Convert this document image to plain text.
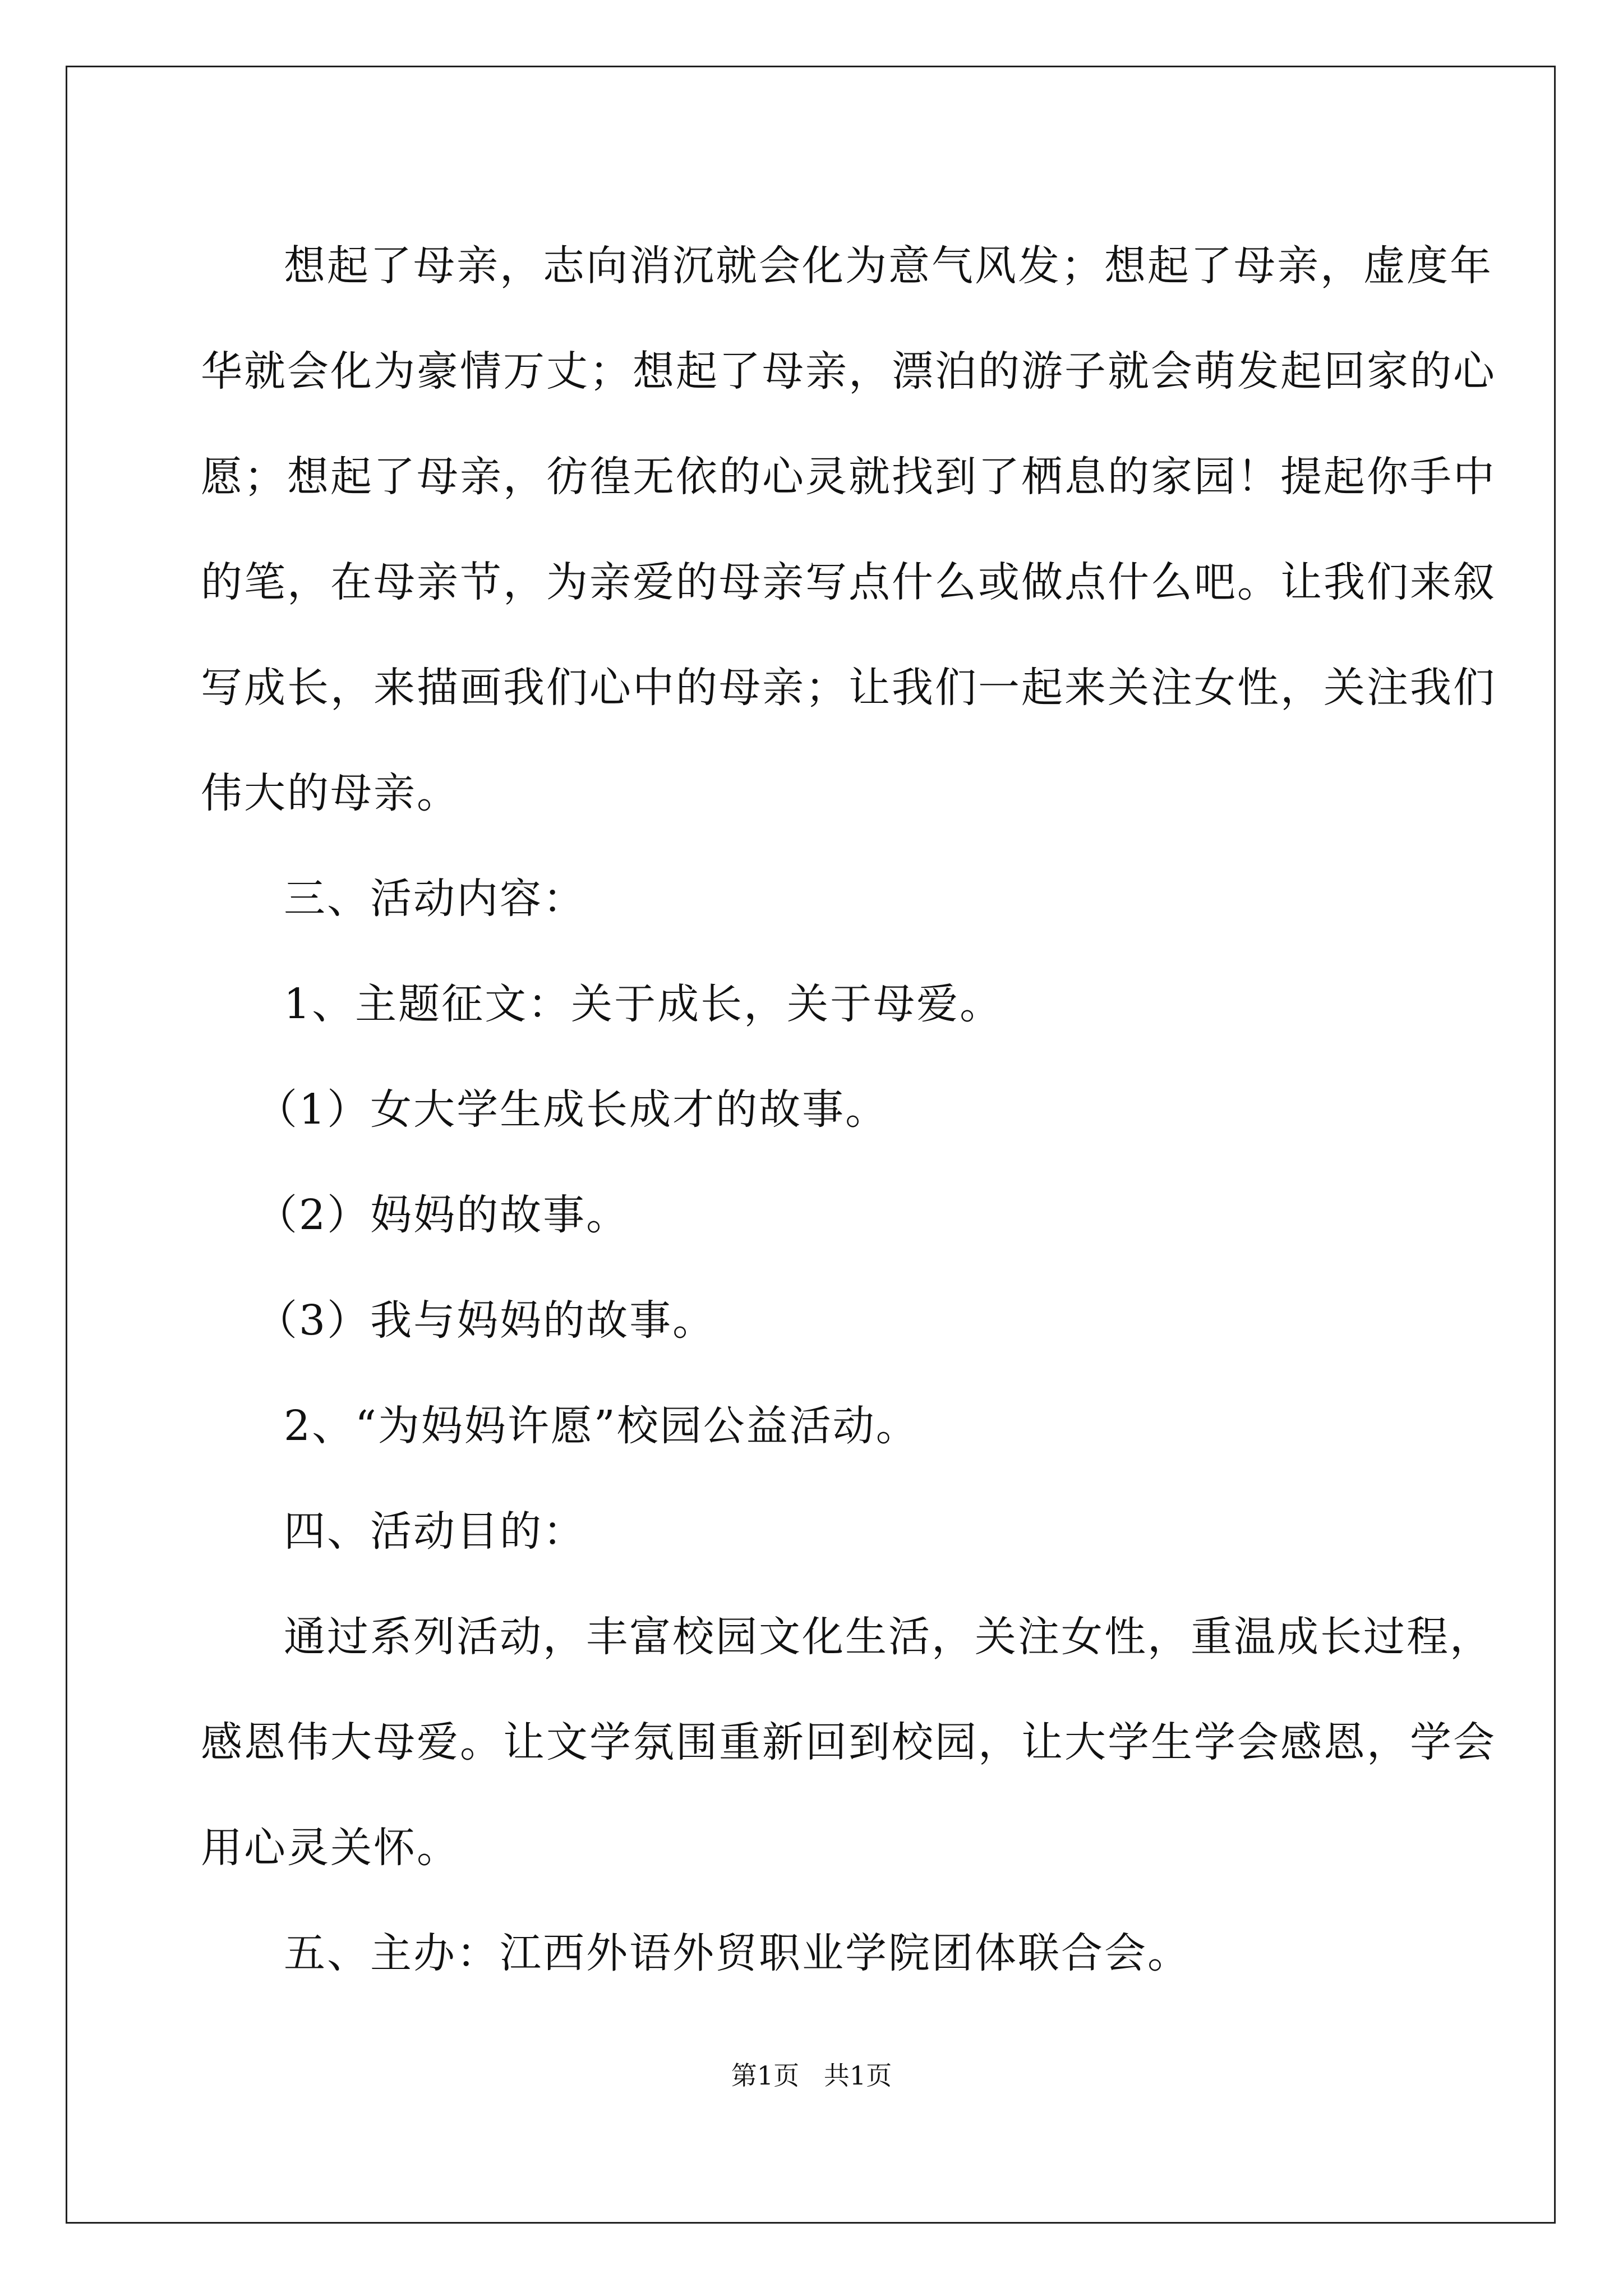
想起了母亲，志向消沉就会化为意气风发；想起了母亲，虚度年

华就会化为豪情万丈；想起了母亲，漂泊的游子就会萌发起回家的心

愿；想起了母亲，彷徨无依的心灵就找到了栖息的家园！提起你手中

的笔，在母亲节，为亲爱的母亲写点什么或做点什么吧。让我们来叙

写成长，来描画我们心中的母亲；让我们一起来关注女性，关注我们

伟大的母亲。

三、活动内容：

1、主题征文：关于成长，关于母爱。

（1）女大学生成长成才的故事。

（2）妈妈的故事。

（3）我与妈妈的故事。

2、“为妈妈许愿”校园公益活动。

四、活动目的：

通过系列活动，丰富校园文化生活，关注女性，重温成长过程，

感恩伟大母爱。让文学氛围重新回到校园，让大学生学会感恩，学会

用心灵关怀。

五、主办：江西外语外贸职业学院团体联合会。

第1页   共1页
